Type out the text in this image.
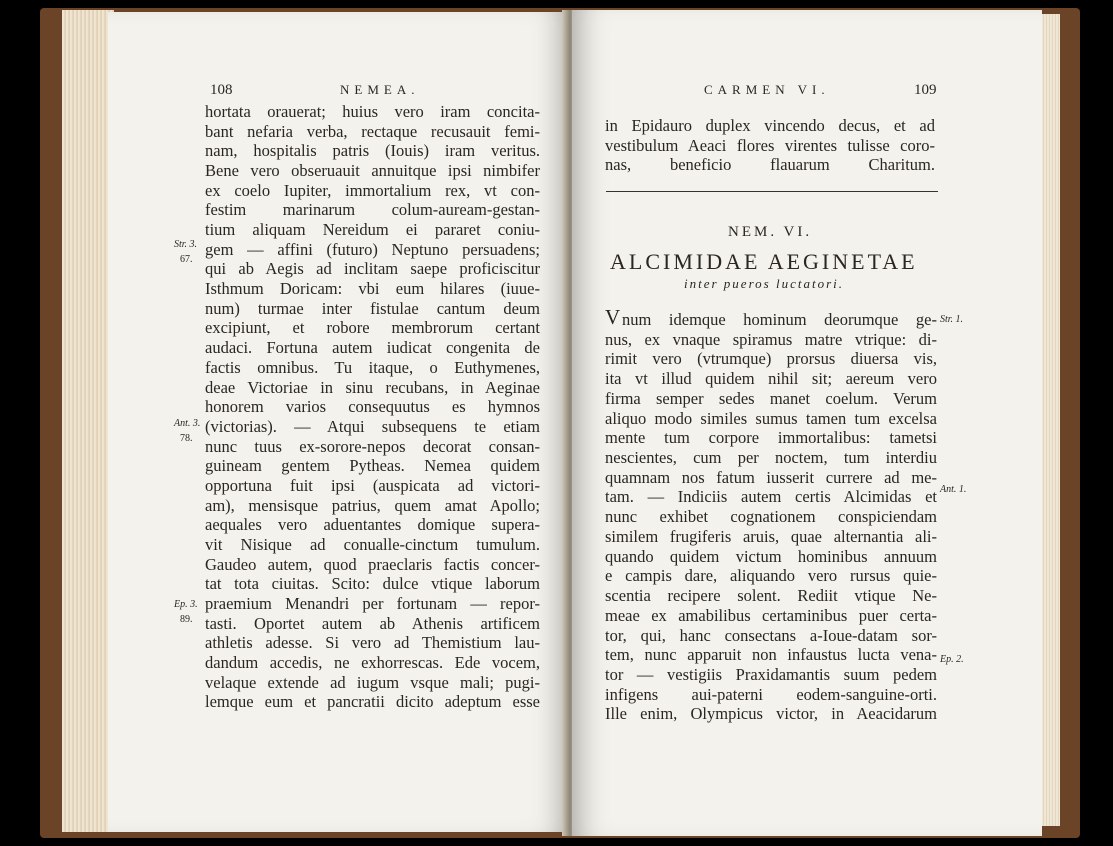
108	NEMEA.
hortata orauerat; huius vero iram concita-
bant nefaria verba, rectaque recusauit femi-
nam, hospitalis patris (Iouis) iram veritus.
Bene vero obseruauit annuitque ipsi nimbifer
ex coelo Iupiter, immortalium rex, vt con-
festim marinarum colum-auream-gestan-
tium aliquam Nereidum ei pararet coniu-
gem — affini (futuro) Neptuno persuadens;
qui ab Aegis ad inclitam saepe proficiscitur
Isthmum Doricam: vbi eum hilares (iuue-
num) turmae inter fistulae cantum deum
excipiunt, et robore membrorum certant
audaci. Fortuna autem iudicat congenita de
factis omnibus. Tu itaque, o Euthymenes,
deae Victoriae in sinu recubans, in Aeginae
honorem varios consequutus es hymnos
(victorias). — Atqui subsequens te etiam
nunc tuus ex-sorore-nepos decorat consan-
guineam gentem Pytheas. Nemea quidem
opportuna fuit ipsi (auspicata ad victori-
am), mensisque patrius, quem amat Apollo;
aequales vero aduentantes domique supera-
vit Nisique ad conualle-cinctum tumulum.
Gaudeo autem, quod praeclaris factis concer-
tat tota ciuitas. Scito: dulce vtique laborum
praemium Menandri per fortunam — repor-
tasti. Oportet autem ab Athenis artificem
athletis adesse. Si vero ad Themistium lau-
dandum accedis, ne exhorrescas. Ede vocem,
velaque extende ad iugum vsque mali; pugi-
lemque eum et pancratii dicito adeptum esse
Str. 3.
67.
Ant. 3.
78.
Ep. 3.
89.
CARMEN VI.	109
in Epidauro duplex vincendo decus, et ad
vestibulum Aeaci flores virentes tulisse coro-
nas, beneficio flauarum Charitum.
NEM. VI.
ALCIMIDAE AEGINETAE
inter pueros luctatori.
V num idemque hominum deorumque ge-
nus, ex vnaque spiramus matre vtrique: di-
rimit vero (vtrumque) prorsus diuersa vis,
ita vt illud quidem nihil sit; aereum vero
firma semper sedes manet coelum. Verum
aliquo modo similes sumus tamen tum excelsa
mente tum corpore immortalibus: tametsi
nescientes, cum per noctem, tum interdiu
quamnam nos fatum iusserit currere ad me-
tam. — Indiciis autem certis Alcimidas et
nunc exhibet cognationem conspiciendam
similem frugiferis aruis, quae alternantia ali-
quando quidem victum hominibus annuum
e campis dare, aliquando vero rursus quie-
scentia recipere solent. Rediit vtique Ne-
meae ex amabilibus certaminibus puer certa-
tor, qui, hanc consectans a-Ioue-datam sor-
tem, nunc apparuit non infaustus lucta vena-
tor — vestigiis Praxidamantis suum pedem
infigens aui-paterni eodem-sanguine-orti.
Ille enim, Olympicus victor, in Aeacidarum
Str. 1.
Ant. 1.
Ep. 2.
